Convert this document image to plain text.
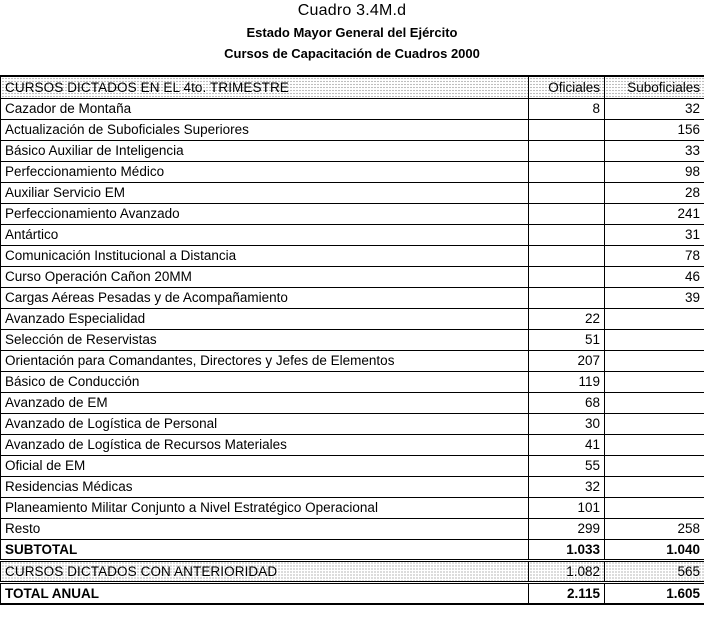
Cuadro 3.4M.d
Estado Mayor General del Ejército
Cursos de Capacitación de Cuadros 2000
CURSOS DICTADOS EN EL 4to. TRIMESTRE	Oficiales	Suboficiales
Cazador de Montaña	8	32
Actualización de Suboficiales Superiores		156
Básico Auxiliar de Inteligencia		33
Perfeccionamiento Médico		98
Auxiliar Servicio EM		28
Perfeccionamiento Avanzado		241
Antártico		31
Comunicación Institucional a Distancia		78
Curso Operación Cañon 20MM		46
Cargas Aéreas Pesadas y de Acompañamiento		39
Avanzado Especialidad	22	
Selección de Reservistas	51	
Orientación para Comandantes, Directores y Jefes de Elementos	207	
Básico de Conducción	119	
Avanzado de EM	68	
Avanzado de Logística de Personal	30	
Avanzado de Logística de Recursos Materiales	41	
Oficial de EM	55	
Residencias Médicas	32	
Planeamiento Militar Conjunto a Nivel Estratégico Operacional	101	
Resto	299	258
SUBTOTAL	1.033	1.040
CURSOS DICTADOS CON ANTERIORIDAD	1.082	565
TOTAL ANUAL	2.115	1.605
